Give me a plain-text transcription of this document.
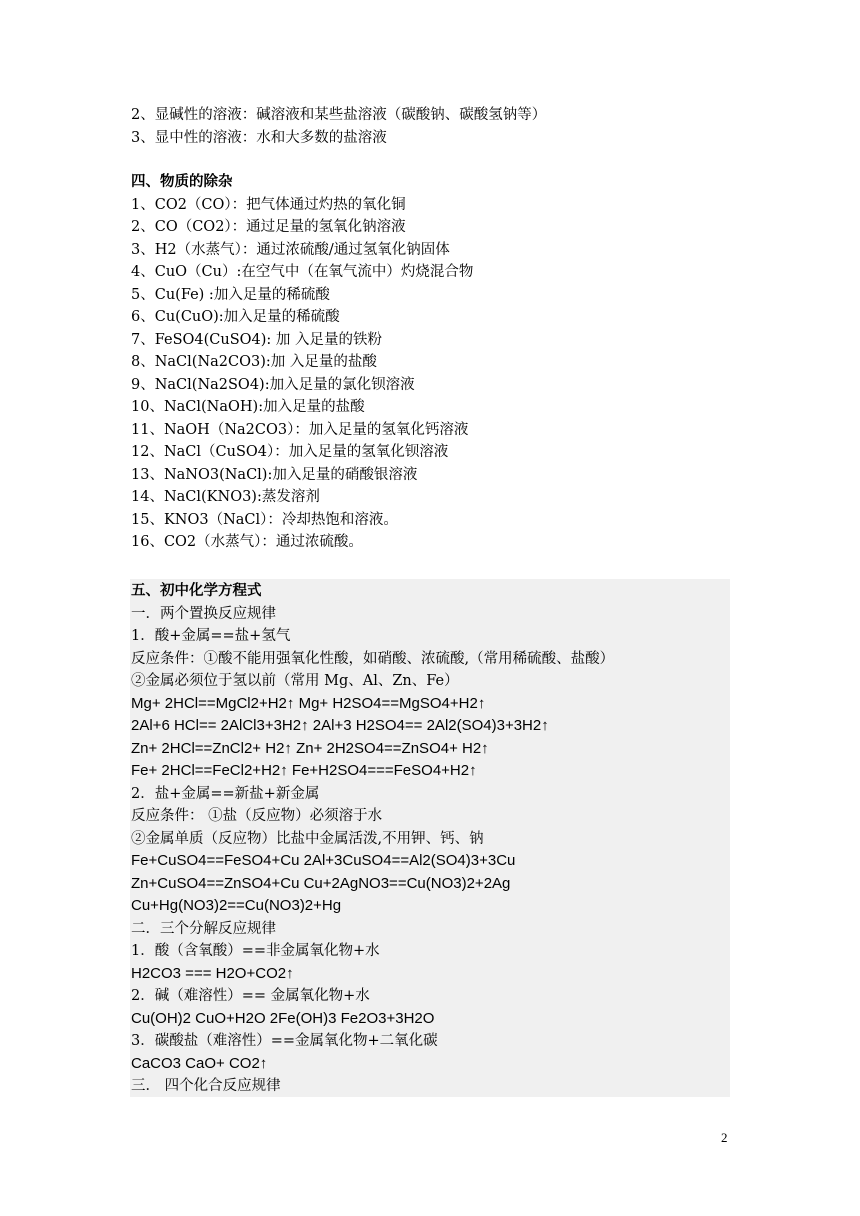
2、显碱性的溶液：碱溶液和某些盐溶液（碳酸钠、碳酸氢钠等）
3、显中性的溶液：水和大多数的盐溶液
四、物质的除杂
1、CO2（CO）：把气体通过灼热的氧化铜
2、CO（CO2）：通过足量的氢氧化钠溶液
3、H2（水蒸气）：通过浓硫酸/通过氢氧化钠固体
4、CuO（Cu）:在空气中（在氧气流中）灼烧混合物
5、Cu(Fe) :加入足量的稀硫酸
6、Cu(CuO):加入足量的稀硫酸
7、FeSO4(CuSO4): 加 入足量的铁粉
8、NaCl(Na2CO3):加 入足量的盐酸
9、NaCl(Na2SO4):加入足量的氯化钡溶液
10、NaCl(NaOH):加入足量的盐酸
11、NaOH（Na2CO3）：加入足量的氢氧化钙溶液
12、NaCl（CuSO4）：加入足量的氢氧化钡溶液
13、NaNO3(NaCl):加入足量的硝酸银溶液
14、NaCl(KNO3):蒸发溶剂
15、KNO3（NaCl）：冷却热饱和溶液。
16、CO2（水蒸气）：通过浓硫酸。
五、初中化学方程式
一．两个置换反应规律
1．酸+金属==盐+氢气
反应条件：①酸不能用强氧化性酸，如硝酸、浓硫酸,（常用稀硫酸、盐酸）
②金属必须位于氢以前（常用 Mg、Al、Zn、Fe）
Mg+ 2HCl==MgCl2+H2↑ Mg+ H2SO4==MgSO4+H2↑
2Al+6 HCl== 2AlCl3+3H2↑ 2Al+3 H2SO4== 2Al2(SO4)3+3H2↑
Zn+ 2HCl==ZnCl2+ H2↑ Zn+ 2H2SO4==ZnSO4+ H2↑
Fe+ 2HCl==FeCl2+H2↑ Fe+H2SO4===FeSO4+H2↑
2．盐+金属==新盐+新金属
反应条件： ①盐（反应物）必须溶于水
②金属单质（反应物）比盐中金属活泼,不用钾、钙、钠
Fe+CuSO4==FeSO4+Cu 2Al+3CuSO4==Al2(SO4)3+3Cu
Zn+CuSO4==ZnSO4+Cu Cu+2AgNO3==Cu(NO3)2+2Ag
Cu+Hg(NO3)2==Cu(NO3)2+Hg
二．三个分解反应规律
1．酸（含氧酸）==非金属氧化物+水
H2CO3 === H2O+CO2↑
2．碱（难溶性）== 金属氧化物+水
Cu(OH)2 CuO+H2O 2Fe(OH)3 Fe2O3+3H2O
3．碳酸盐（难溶性）==金属氧化物+二氧化碳
CaCO3 CaO+ CO2↑
三． 四个化合反应规律
2
